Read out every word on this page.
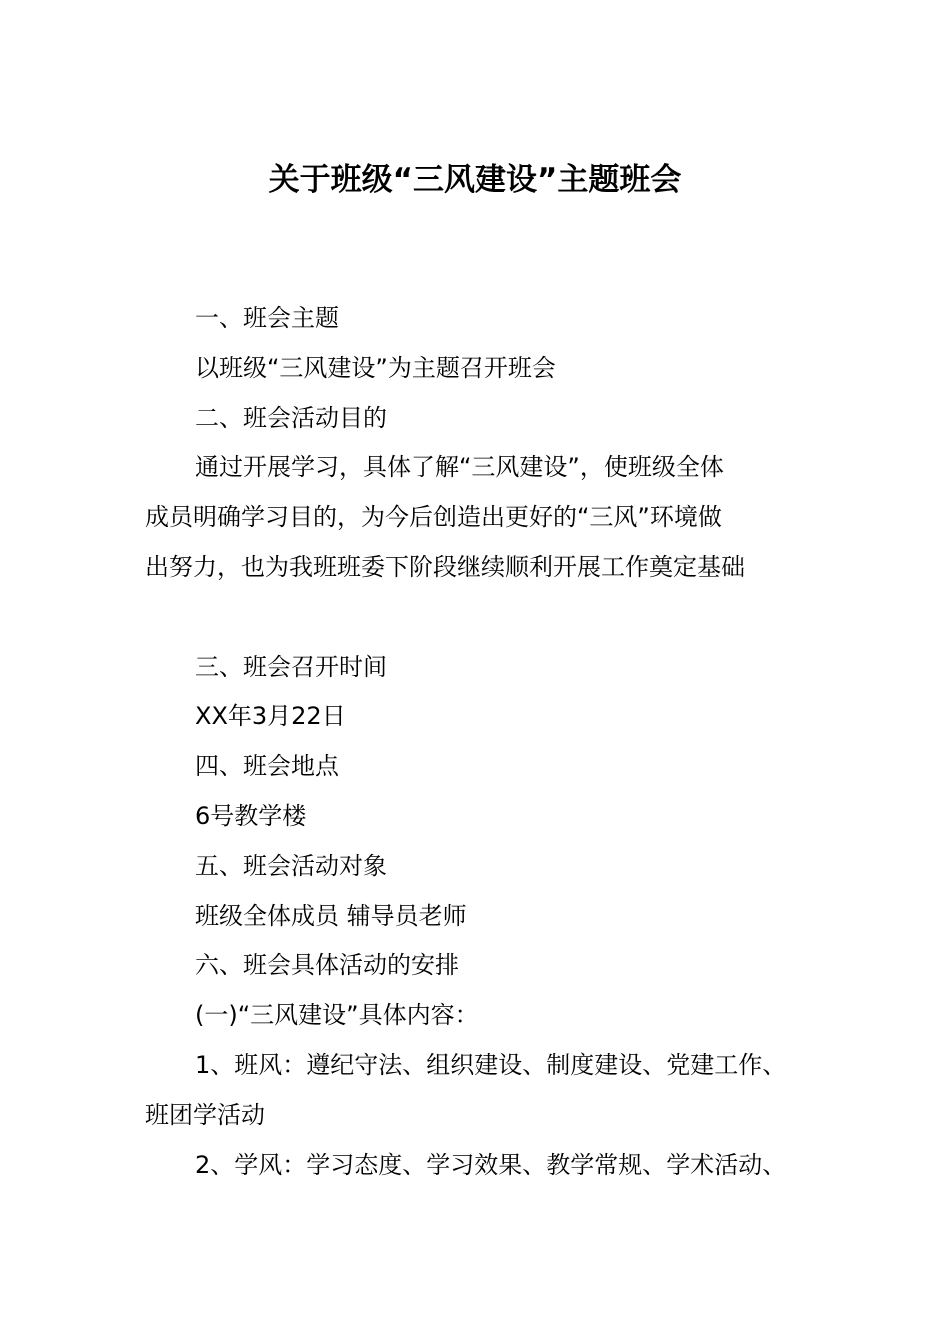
关于班级“三风建设”主题班会

一、班会主题

以班级“三风建设”为主题召开班会

二、班会活动目的

通过开展学习，具体了解“三风建设”，使班级全体

成员明确学习目的，为今后创造出更好的“三风”环境做

出努力，也为我班班委下阶段继续顺利开展工作奠定基础

三、班会召开时间

XX年3月22日

四、班会地点

6号教学楼

五、班会活动对象

班级全体成员 辅导员老师

六、班会具体活动的安排

(一)“三风建设”具体内容：

1、班风：遵纪守法、组织建设、制度建设、党建工作、

班团学活动

2、学风：学习态度、学习效果、教学常规、学术活动、
